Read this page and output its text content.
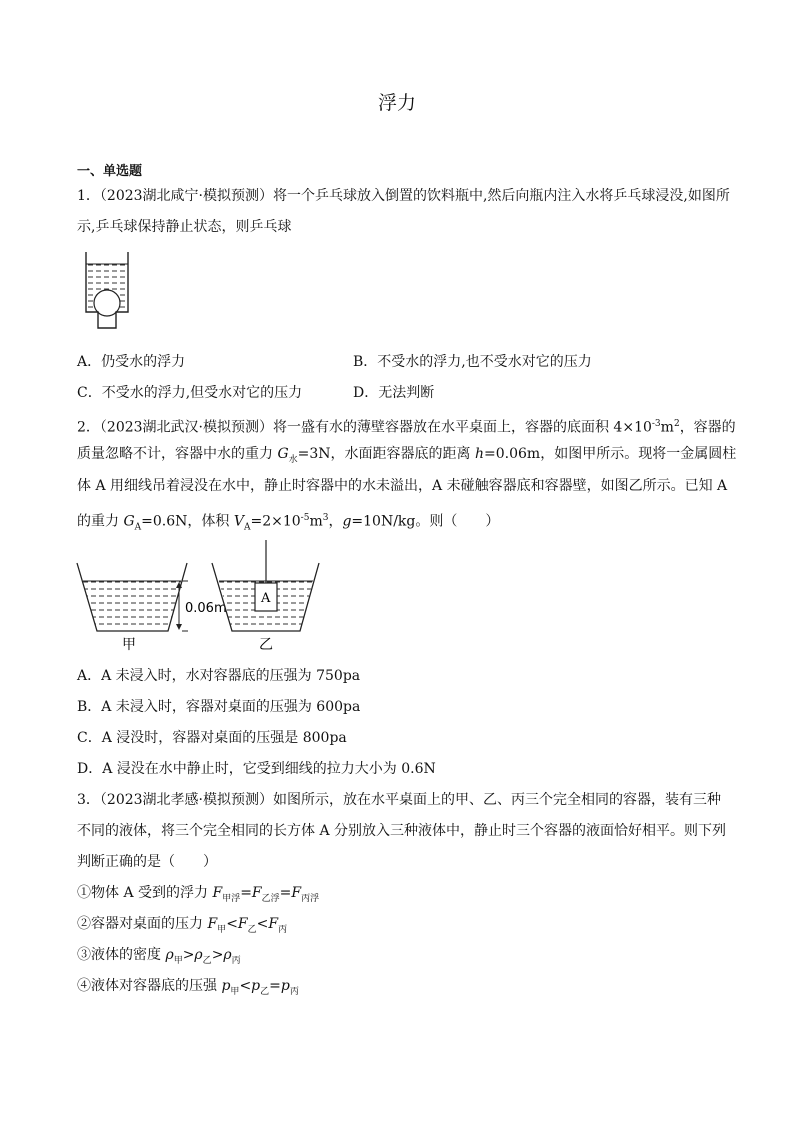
浮力
一、单选题
1．（2023湖北咸宁·模拟预测）将一个乒乓球放入倒置的饮料瓶中,然后向瓶内注入水将乒乓球浸没,如图所
示,乒乓球保持静止状态，则乒乓球
A．仍受水的浮力	B．不受水的浮力,也不受水对它的压力
C．不受水的浮力,但受水对它的压力	D．无法判断
2．（2023湖北武汉·模拟预测）将一盛有水的薄壁容器放在水平桌面上，容器的底面积 $4\times 10^{-3}m^2$，容器的
质量忽略不计，容器中水的重力 $G_水=3N$，水面距容器底的距离 h=0.06m，如图甲所示。现将一金属圆柱
体 A 用细线吊着浸没在水中，静止时容器中的水未溢出，A 未碰触容器底和容器壁，如图乙所示。已知 A
的重力 $G_A=0.6N$，体积 $V_A=2\times 10^{-5}m^3$，g=10N/kg。则（　　）
0.06m
甲
A
乙
A．A 未浸入时，水对容器底的压强为 750pa
B．A 未浸入时，容器对桌面的压强为 600pa
C．A 浸没时，容器对桌面的压强是 800pa
D．A 浸没在水中静止时，它受到细线的拉力大小为 0.6N
3．（2023湖北孝感·模拟预测）如图所示，放在水平桌面上的甲、乙、丙三个完全相同的容器，装有三种
不同的液体，将三个完全相同的长方体 A 分别放入三种液体中，静止时三个容器的液面恰好相平。则下列
判断正确的是（　　）
①物体 A 受到的浮力 $F_{甲浮}=F_{乙浮}=F_{丙浮}$
②容器对桌面的压力 $F_甲<F_乙<F_丙$
③液体的密度 $\rho_甲>\rho_乙>\rho_丙$
④液体对容器底的压强 $p_甲<p_乙=p_丙$
